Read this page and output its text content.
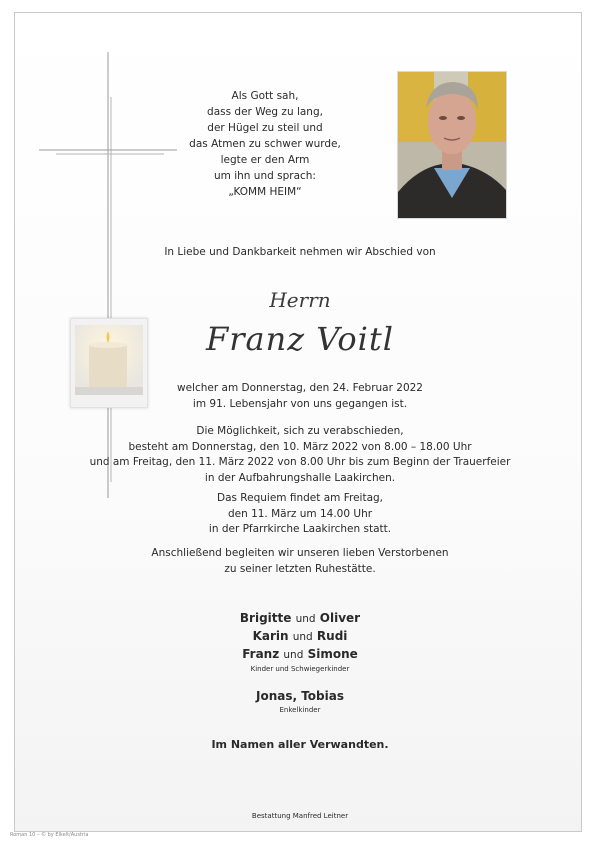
Als Gott sah,
dass der Weg zu lang,
der Hügel zu steil und
das Atmen zu schwer wurde,
legte er den Arm
um ihn und sprach:
„KOMM HEIM“
In Liebe und Dankbarkeit nehmen wir Abschied von
Herrn
Franz Voitl
welcher am Donnerstag, den 24. Februar 2022
im 91. Lebensjahr von uns gegangen ist.
Die Möglichkeit, sich zu verabschieden,
besteht am Donnerstag, den 10. März 2022 von 8.00 – 18.00 Uhr
und am Freitag, den 11. März 2022 von 8.00 Uhr bis zum Beginn der Trauerfeier
in der Aufbahrungshalle Laakirchen.
Das Requiem findet am Freitag,
den 11. März um 14.00 Uhr
in der Pfarrkirche Laakirchen statt.
Anschließend begleiten wir unseren lieben Verstorbenen
zu seiner letzten Ruhestätte.
Brigitte und Oliver
Karin und Rudi
Franz und Simone
Kinder und Schwiegerkinder
Jonas, Tobias
Enkelkinder
Im Namen aller Verwandten.
Bestattung Manfred Leitner
Roman 10 – © by Elkelt/Austria
